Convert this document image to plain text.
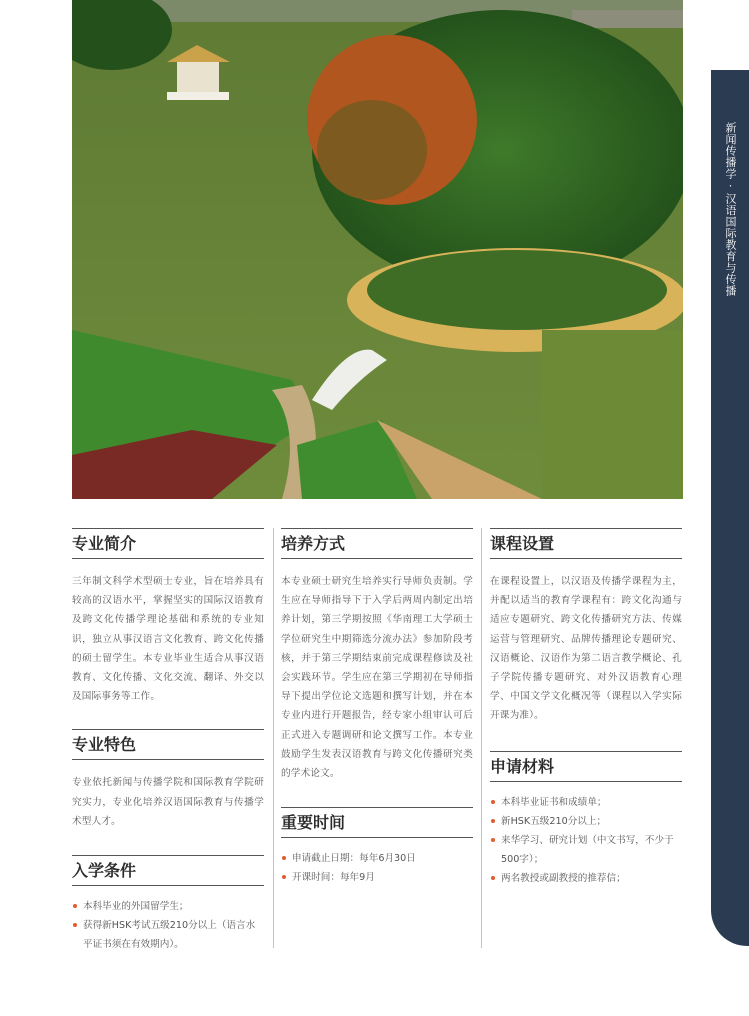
新闻传播学·汉语国际教育与传播
专业简介
三年制文科学术型硕士专业，旨在培养具有较高的汉语水平，掌握坚实的国际汉语教育及跨文化传播学理论基础和系统的专业知识，独立从事汉语言文化教育、跨文化传播的硕士留学生。本专业毕业生适合从事汉语教育、文化传播、文化交流、翻译、外交以及国际事务等工作。
专业特色
专业依托新闻与传播学院和国际教育学院研究实力，专业化培养汉语国际教育与传播学术型人才。
入学条件
本科毕业的外国留学生；
获得新HSK考试五级210分以上（语言水平证书须在有效期内）。
培养方式
本专业硕士研究生培养实行导师负责制。学生应在导师指导下于入学后两周内制定出培养计划，第三学期按照《华南理工大学硕士学位研究生中期筛选分流办法》参加阶段考核，并于第三学期结束前完成课程修读及社会实践环节。学生应在第三学期初在导师指导下提出学位论文选题和撰写计划，并在本专业内进行开题报告，经专家小组审认可后正式进入专题调研和论文撰写工作。本专业鼓励学生发表汉语教育与跨文化传播研究类的学术论文。
重要时间
申请截止日期：每年6月30日
开课时间：每年9月
课程设置
在课程设置上，以汉语及传播学课程为主，并配以适当的教育学课程有：跨文化沟通与适应专题研究、跨文化传播研究方法、传媒运营与管理研究、品牌传播理论专题研究、汉语概论、汉语作为第二语言教学概论、孔子学院传播专题研究、对外汉语教育心理学、中国文学文化概况等（课程以入学实际开课为准）。
申请材料
本科毕业证书和成绩单；
新HSK五级210分以上；
来华学习、研究计划（中文书写，不少于500字）；
两名教授或副教授的推荐信；
